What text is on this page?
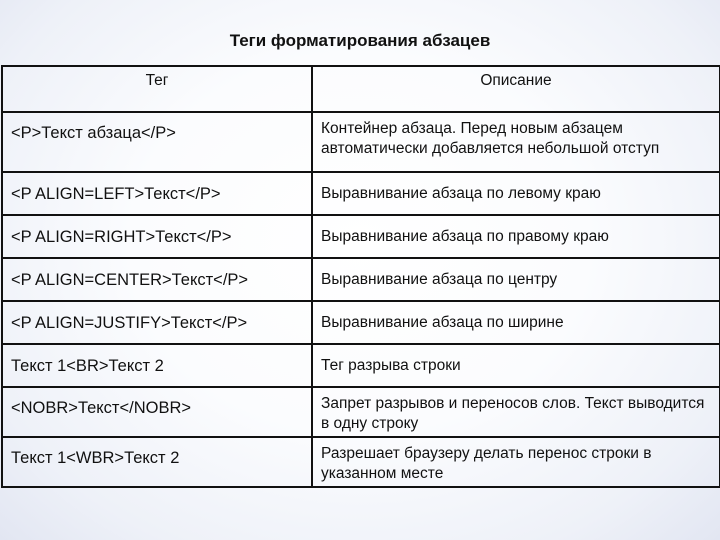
Теги форматирования абзацев
Тег	Описание
<P>Текст абзаца</P>	Контейнер абзаца. Перед новым абзацем автоматически добавляется небольшой отступ
<P ALIGN=LEFT>Текст</P>	Выравнивание абзаца по левому краю
<P ALIGN=RIGHT>Текст</P>	Выравнивание абзаца по правому краю
<P ALIGN=CENTER>Текст</P>	Выравнивание абзаца по центру
<P ALIGN=JUSTIFY>Текст</P>	Выравнивание абзаца по ширине
Текст 1<BR>Текст 2	Тег разрыва строки
<NOBR>Текст</NOBR>	Запрет разрывов и переносов слов. Текст выводится в одну строку
Текст 1<WBR>Текст 2	Разрешает браузеру делать перенос строки в указанном месте
